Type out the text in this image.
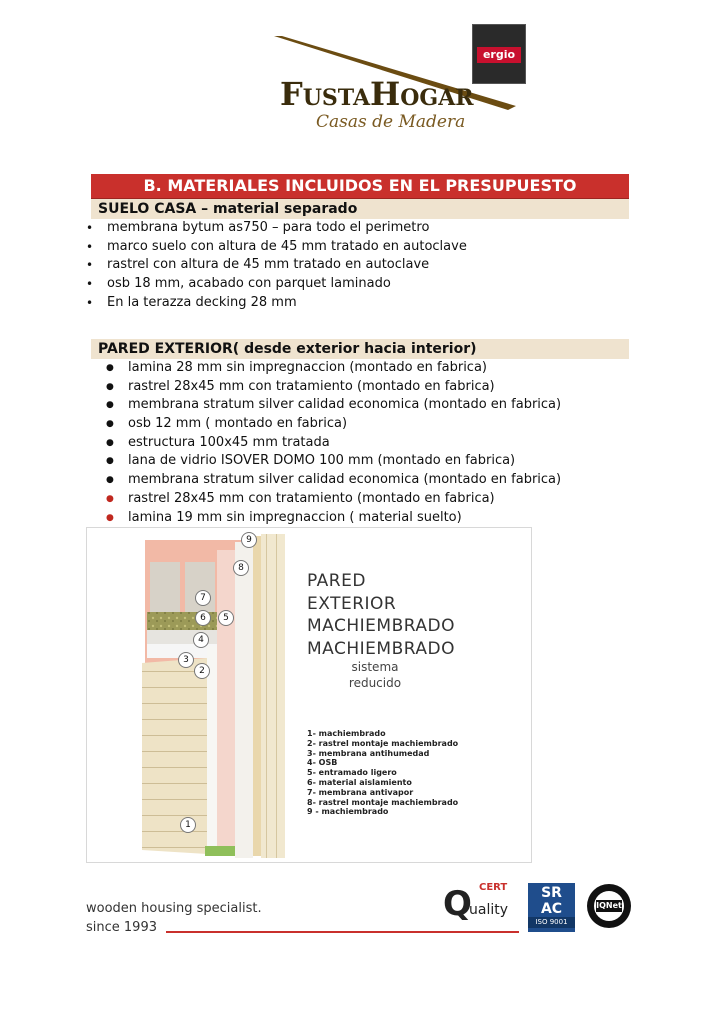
ergio
FUSTAHOGAR
Casas de Madera
B. MATERIALES INCLUIDOS EN EL PRESUPUESTO
SUELO CASA – material separado
• membrana bytum as750 – para todo el perimetro
• marco suelo con altura de 45 mm tratado en autoclave
• rastrel con altura de 45 mm tratado en autoclave
• osb 18 mm, acabado con parquet laminado
• En la terazza decking 28 mm
PARED EXTERIOR( desde exterior hacia interior)
● lamina 28 mm sin impregnaccion (montado en fabrica)
● rastrel 28x45 mm con tratamiento (montado en fabrica)
● membrana stratum silver calidad economica (montado en fabrica)
● osb 12 mm ( montado en fabrica)
● estructura 100x45 mm tratada
● lana de vidrio ISOVER DOMO 100 mm (montado en fabrica)
● membrana stratum silver calidad economica (montado en fabrica)
● rastrel 28x45 mm con tratamiento (montado en fabrica)
● lamina 19 mm sin impregnaccion ( material suelto)
1
2
3
4
5
6
7
8
9
PARED
EXTERIOR
MACHIEMBRADO
MACHIEMBRADO
sistema
reducido
1- machiembrado
2- rastrel montaje machiembrado
3- membrana antihumedad
4- OSB
5- entramado ligero
6- material aislamiento
7- membrana antivapor
8- rastrel montaje machiembrado
9 - machiembrado
wooden housing specialist.
since 1993
Q CERT
uality
SR
AC
ISO 9001
IQNet
